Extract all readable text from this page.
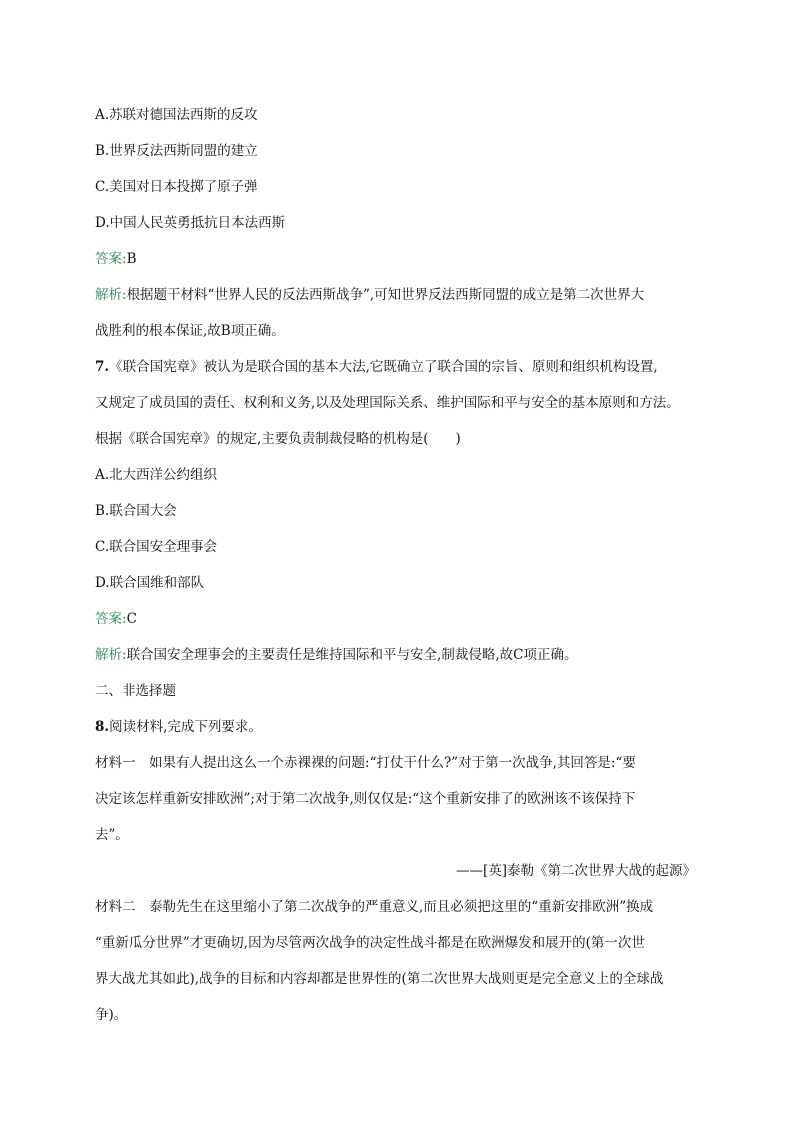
A.苏联对德国法西斯的反攻
B.世界反法西斯同盟的建立
C.美国对日本投掷了原子弹
D.中国人民英勇抵抗日本法西斯
答案:B
解析:根据题干材料“世界人民的反法西斯战争”,可知世界反法西斯同盟的成立是第二次世界大
战胜利的根本保证,故B项正确。
7.《联合国宪章》被认为是联合国的基本大法,它既确立了联合国的宗旨、原则和组织机构设置,
又规定了成员国的责任、权利和义务,以及处理国际关系、维护国际和平与安全的基本原则和方法。
根据《联合国宪章》的规定,主要负责制裁侵略的机构是(　　)
A.北大西洋公约组织
B.联合国大会
C.联合国安全理事会
D.联合国维和部队
答案:C
解析:联合国安全理事会的主要责任是维持国际和平与安全,制裁侵略,故C项正确。
二、非选择题
8.阅读材料,完成下列要求。
材料一　如果有人提出这么一个赤裸裸的问题:“打仗干什么?”对于第一次战争,其回答是:“要
决定该怎样重新安排欧洲”;对于第二次战争,则仅仅是:“这个重新安排了的欧洲该不该保持下
去”。
——[英]泰勒《第二次世界大战的起源》
材料二　泰勒先生在这里缩小了第二次战争的严重意义,而且必须把这里的“重新安排欧洲”换成
“重新瓜分世界”才更确切,因为尽管两次战争的决定性战斗都是在欧洲爆发和展开的(第一次世
界大战尤其如此),战争的目标和内容却都是世界性的(第二次世界大战则更是完全意义上的全球战
争)。
